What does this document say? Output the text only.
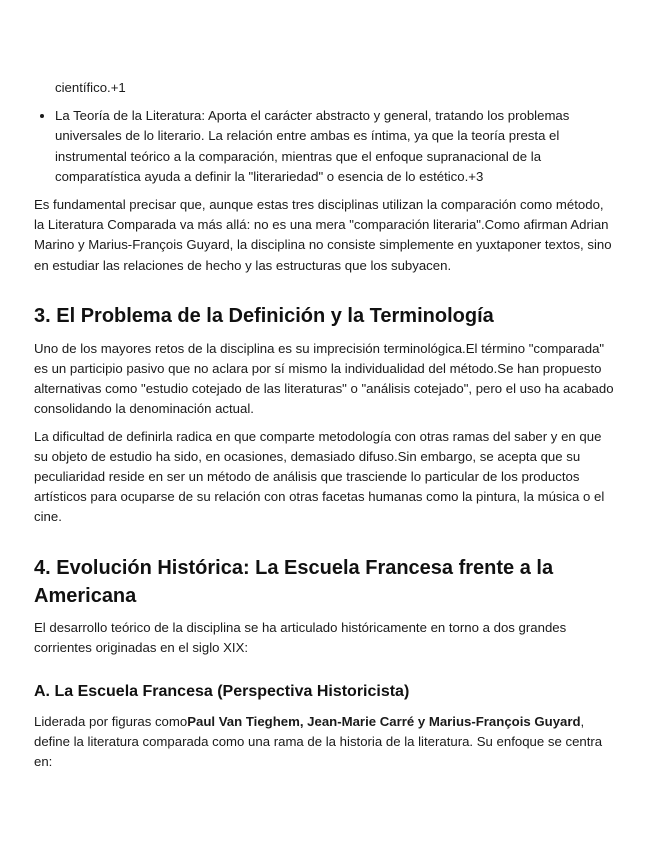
científico.+1

• La Teoría de la Literatura: Aporta el carácter abstracto y general, tratando los problemas universales de lo literario. La relación entre ambas es íntima, ya que la teoría presta el instrumental teórico a la comparación, mientras que el enfoque supranacional de la comparatística ayuda a definir la "literariedad" o esencia de lo estético.+3

Es fundamental precisar que, aunque estas tres disciplinas utilizan la comparación como método, la Literatura Comparada va más allá: no es una mera "comparación literaria".Como afirman Adrian Marino y Marius-François Guyard, la disciplina no consiste simplemente en yuxtaponer textos, sino en estudiar las relaciones de hecho y las estructuras que los subyacen.

3. El Problema de la Definición y la Terminología

Uno de los mayores retos de la disciplina es su imprecisión terminológica.El término "comparada" es un participio pasivo que no aclara por sí mismo la individualidad del método.Se han propuesto alternativas como "estudio cotejado de las literaturas" o "análisis cotejado", pero el uso ha acabado consolidando la denominación actual.

La dificultad de definirla radica en que comparte metodología con otras ramas del saber y en que su objeto de estudio ha sido, en ocasiones, demasiado difuso.Sin embargo, se acepta que su peculiaridad reside en ser un método de análisis que trasciende lo particular de los productos artísticos para ocuparse de su relación con otras facetas humanas como la pintura, la música o el cine.

4. Evolución Histórica: La Escuela Francesa frente a la Americana

El desarrollo teórico de la disciplina se ha articulado históricamente en torno a dos grandes corrientes originadas en el siglo XIX:

A. La Escuela Francesa (Perspectiva Historicista)

Liderada por figuras comoPaul Van Tieghem, Jean-Marie Carré y Marius-François Guyard, define la literatura comparada como una rama de la historia de la literatura. Su enfoque se centra en:
